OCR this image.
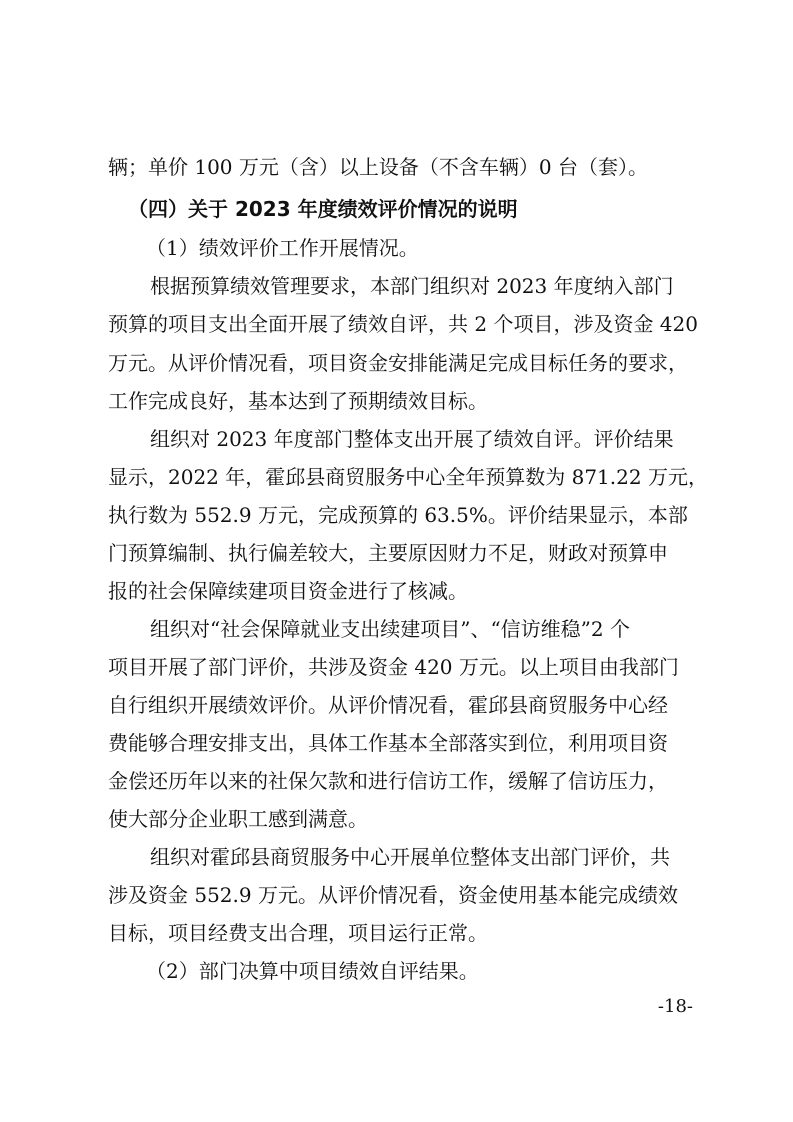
辆；单价 100 万元（含）以上设备（不含车辆）0 台（套）。
（四）关于 2023 年度绩效评价情况的说明
（1）绩效评价工作开展情况。
根据预算绩效管理要求，本部门组织对 2023 年度纳入部门
预算的项目支出全面开展了绩效自评，共 2 个项目，涉及资金 420
万元。从评价情况看，项目资金安排能满足完成目标任务的要求，
工作完成良好，基本达到了预期绩效目标。
组织对 2023 年度部门整体支出开展了绩效自评。评价结果
显示，2022 年，霍邱县商贸服务中心全年预算数为 871.22 万元，
执行数为 552.9 万元，完成预算的 63.5%。评价结果显示，本部
门预算编制、执行偏差较大，主要原因财力不足，财政对预算申
报的社会保障续建项目资金进行了核减。
组织对“社会保障就业支出续建项目”、“信访维稳”2 个
项目开展了部门评价，共涉及资金 420 万元。以上项目由我部门
自行组织开展绩效评价。从评价情况看，霍邱县商贸服务中心经
费能够合理安排支出，具体工作基本全部落实到位，利用项目资
金偿还历年以来的社保欠款和进行信访工作，缓解了信访压力，
使大部分企业职工感到满意。
组织对霍邱县商贸服务中心开展单位整体支出部门评价，共
涉及资金 552.9 万元。从评价情况看，资金使用基本能完成绩效
目标，项目经费支出合理，项目运行正常。
（2）部门决算中项目绩效自评结果。
-18-
